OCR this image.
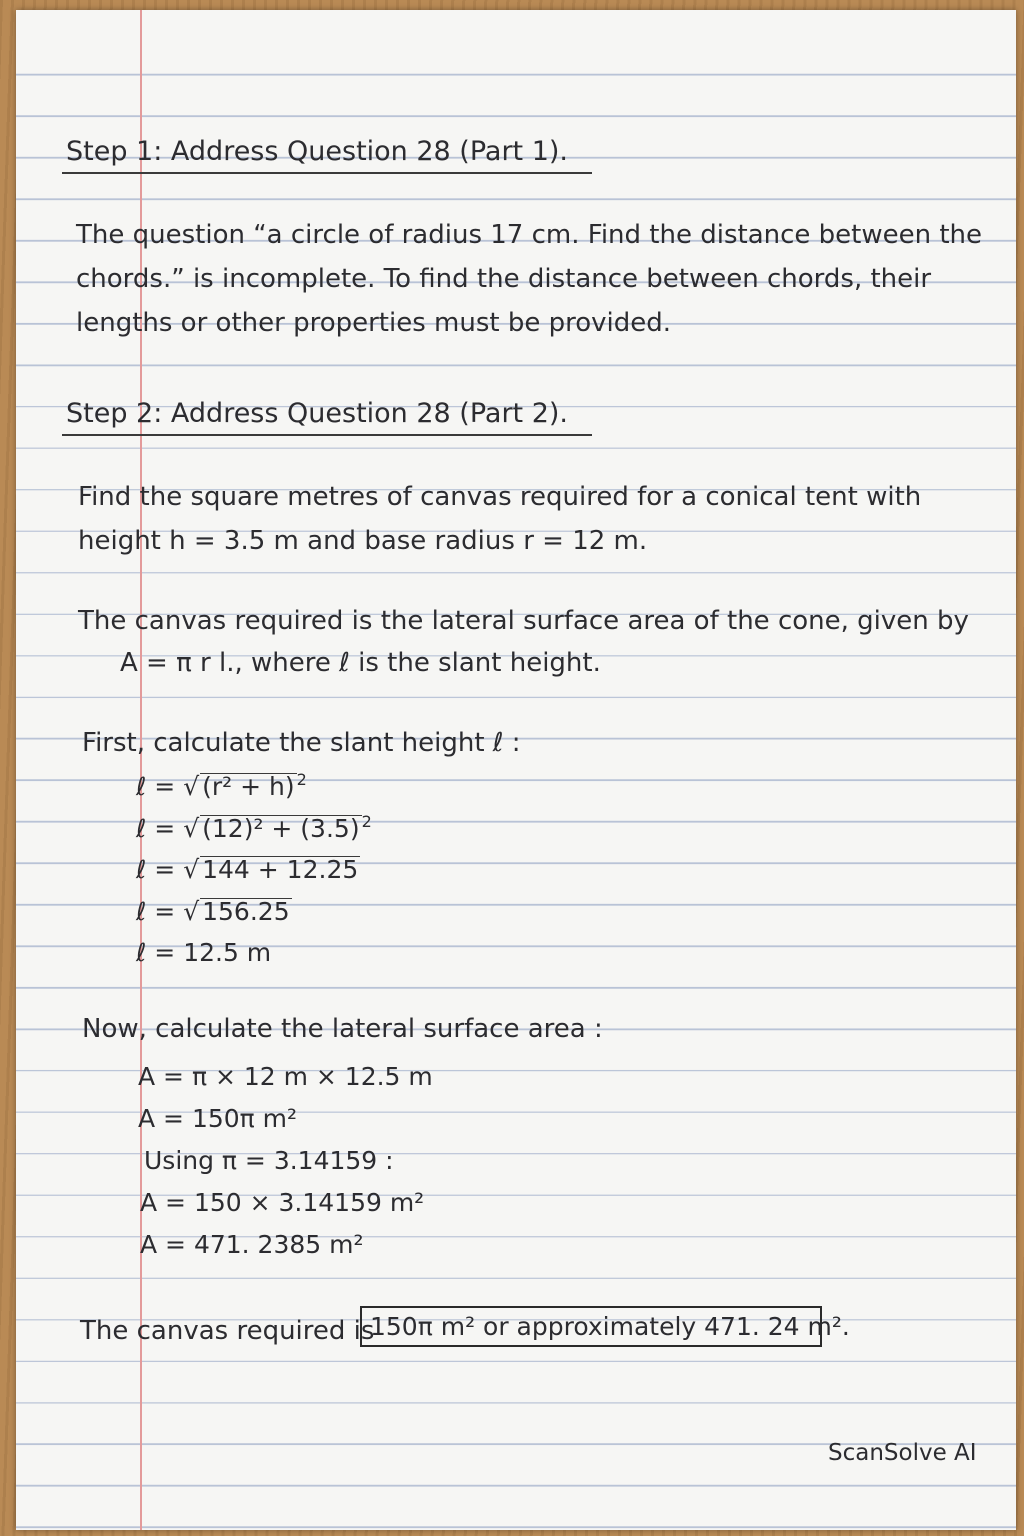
Step 1: Address Question 28 (Part 1).
The question “a circle of radius 17 cm. Find the distance between the
chords.” is incomplete. To find the distance between chords, their
lengths or other properties must be provided.
Step 2: Address Question 28 (Part 2).
Find the square metres of canvas required for a conical tent with
height h = 3.5 m and base radius r = 12 m.
The canvas required is the lateral surface area of the cone, given by
A = π r l., where ℓ is the slant height.
First, calculate the slant height ℓ :
ℓ = √ (r² + h) $^2$
ℓ = √ (12)² + (3.5) $^2$
ℓ = √ 144 + 12.25
ℓ = √ 156.25
ℓ = 12.5 m
Now, calculate the lateral surface area :
A = π × 12 m × 12.5 m
A = 150π m²
Using π = 3.14159 :
A = 150 × 3.14159 m²
A = 471. 2385 m²
The canvas required is
150π m² or approximately 471. 24 m².
ScanSolve AI
